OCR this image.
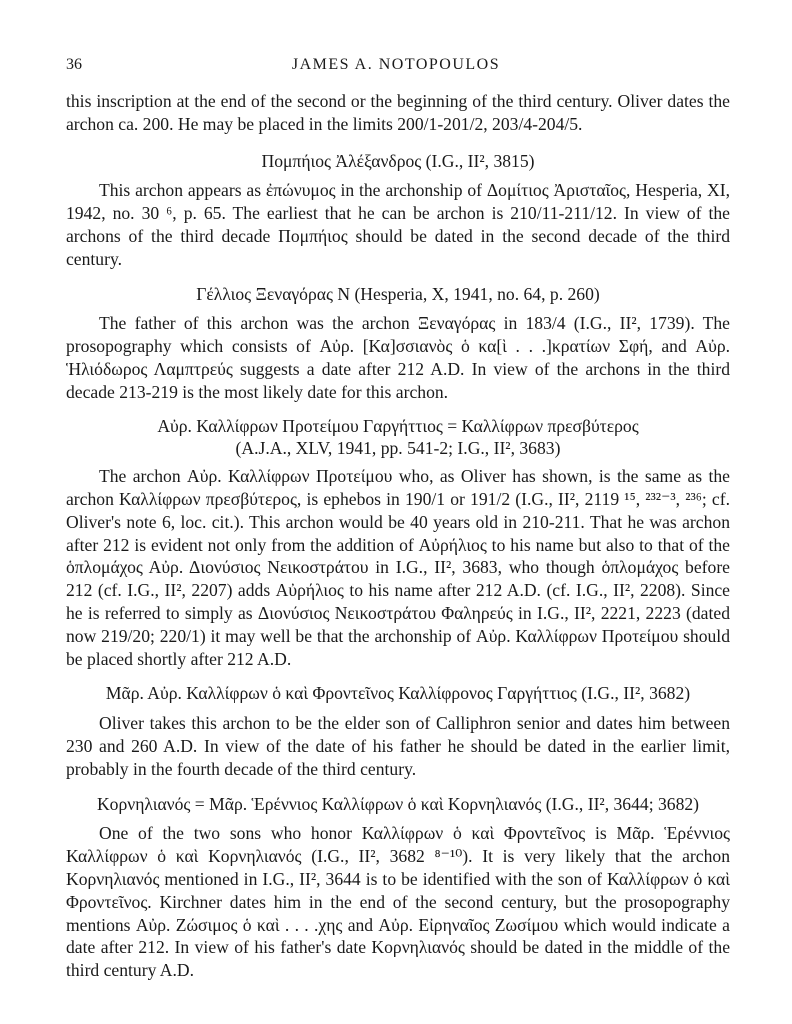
36	JAMES A. NOTOPOULOS

this inscription at the end of the second or the beginning of the third century. Oliver dates the archon ca. 200. He may be placed in the limits 200/1-201/2, 203/4-204/5.

Πομπήιος Ἀλέξανδρος (I.G., II², 3815)

This archon appears as ἐπώνυμος in the archonship of Δομίτιος Ἀρισταῖος, Hesperia, XI, 1942, no. 30 ⁶, p. 65. The earliest that he can be archon is 210/11-211/12. In view of the archons of the third decade Πομπήιος should be dated in the second decade of the third century.

Γέλλιος Ξεναγόρας N (Hesperia, X, 1941, no. 64, p. 260)

The father of this archon was the archon Ξεναγόρας in 183/4 (I.G., II², 1739). The prosopography which consists of Αὐρ. [Κα]σσιανὸς ὁ κα[ὶ . . .]κρατίων Σφή, and Αὐρ. Ἡλιόδωρος Λαμπτρεύς suggests a date after 212 A.D. In view of the archons in the third decade 213-219 is the most likely date for this archon.

Αὐρ. Καλλίφρων Προτείμου Γαργήττιος = Καλλίφρων πρεσβύτερος

(A.J.A., XLV, 1941, pp. 541-2; I.G., II², 3683)

The archon Αὐρ. Καλλίφρων Προτείμου who, as Oliver has shown, is the same as the archon Καλλίφρων πρεσβύτερος, is ephebos in 190/1 or 191/2 (I.G., II², 2119 ¹⁵, ²³²⁻³, ²³⁶; cf. Oliver's note 6, loc. cit.). This archon would be 40 years old in 210-211. That he was archon after 212 is evident not only from the addition of Αὐρήλιος to his name but also to that of the ὁπλομάχος Αὐρ. Διονύσιος Νεικοστράτου in I.G., II², 3683, who though ὁπλομάχος before 212 (cf. I.G., II², 2207) adds Αὐρήλιος to his name after 212 A.D. (cf. I.G., II², 2208). Since he is referred to simply as Διονύσιος Νεικοστράτου Φαληρεύς in I.G., II², 2221, 2223 (dated now 219/20; 220/1) it may well be that the archonship of Αὐρ. Καλλίφρων Προτείμου should be placed shortly after 212 A.D.

Μᾶρ. Αὐρ. Καλλίφρων ὁ καὶ Φροντεῖνος Καλλίφρονος Γαργήττιος (I.G., II², 3682)

Oliver takes this archon to be the elder son of Calliphron senior and dates him between 230 and 260 A.D. In view of the date of his father he should be dated in the earlier limit, probably in the fourth decade of the third century.

Κορνηλιανός = Μᾶρ. Ἑρέννιος Καλλίφρων ὁ καὶ Κορνηλιανός (I.G., II², 3644; 3682)

One of the two sons who honor Καλλίφρων ὁ καὶ Φροντεῖνος is Μᾶρ. Ἑρέννιος Καλλίφρων ὁ καὶ Κορνηλιανός (I.G., II², 3682 ⁸⁻¹⁰). It is very likely that the archon Κορνηλιανός mentioned in I.G., II², 3644 is to be identified with the son of Καλλίφρων ὁ καὶ Φροντεῖνος. Kirchner dates him in the end of the second century, but the prosopography mentions Αὐρ. Ζώσιμος ὁ καὶ . . . .χης and Αὐρ. Εἰρηναῖος Ζωσίμου which would indicate a date after 212. In view of his father's date Κορνηλιανός should be dated in the middle of the third century A.D.
